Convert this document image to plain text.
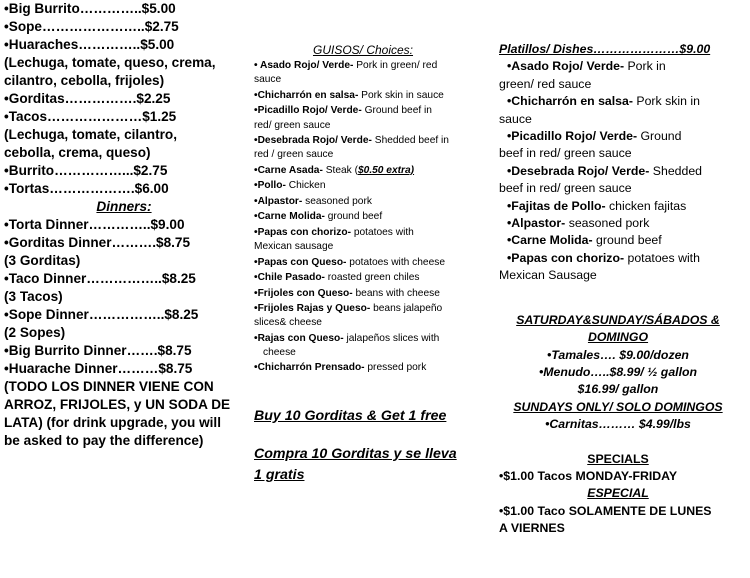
•Big Burrito…………..$5.00
•Sope…………………..$2.75
•Huaraches…………..$5.00
(Lechuga, tomate, queso, crema,
cilantro, cebolla, frijoles)
•Gorditas…………….$2.25
•Tacos…………………$1.25
(Lechuga, tomate, cilantro,
cebolla, crema, queso)
•Burrito……………...$2.75
•Tortas……………….$6.00
Dinners:
•Torta Dinner…………..$9.00
•Gorditas Dinner……….$8.75
(3 Gorditas)
•Taco Dinner……………..$8.25
(3 Tacos)
•Sope Dinner……………..$8.25
(2 Sopes)
•Big Burrito Dinner…….$8.75
•Huarache Dinner………$8.75
(TODO LOS DINNER VIENE CON
ARROZ, FRIJOLES, y UN SODA DE
LATA) (for drink upgrade, you will
be asked to pay the difference)
GUISOS/ Choices:
• Asado Rojo/ Verde- Pork in green/ red
sauce
•Chicharrón en salsa- Pork skin in sauce
•Picadillo Rojo/ Verde- Ground beef in
red/ green sauce
•Desebrada Rojo/ Verde- Shedded beef in
red / green sauce
•Carne Asada- Steak ($0.50 extra)
•Pollo- Chicken
•Alpastor- seasoned pork
•Carne Molida- ground beef
•Papas con chorizo- potatoes with
Mexican sausage
•Papas con Queso- potatoes with cheese
•Chile Pasado- roasted green chiles
•Frijoles con Queso- beans with cheese
•Frijoles Rajas y Queso- beans jalapeño
slices& cheese
•Rajas con Queso- jalapeños slices with
cheese
•Chicharrón Prensado- pressed pork
Buy 10 Gorditas & Get 1 free
Compra 10 Gorditas y se lleva
1 gratis
Platillos/ Dishes…………………$9.00
•Asado Rojo/ Verde- Pork in
green/ red sauce
•Chicharrón en salsa- Pork skin in
sauce
•Picadillo Rojo/ Verde- Ground
beef in red/ green sauce
•Desebrada Rojo/ Verde- Shedded
beef in red/ green sauce
•Fajitas de Pollo- chicken fajitas
•Alpastor- seasoned pork
•Carne Molida- ground beef
•Papas con chorizo- potatoes with
Mexican Sausage
SATURDAY&SUNDAY/SÁBADOS &
DOMINGO
•Tamales…. $9.00/dozen
•Menudo…..$8.99/ ½ gallon
$16.99/ gallon
SUNDAYS ONLY/ SOLO DOMINGOS
•Carnitas……… $4.99/lbs
SPECIALS
•$1.00 Tacos MONDAY-FRIDAY
ESPECIAL
•$1.00 Taco SOLAMENTE DE LUNES
A VIERNES
